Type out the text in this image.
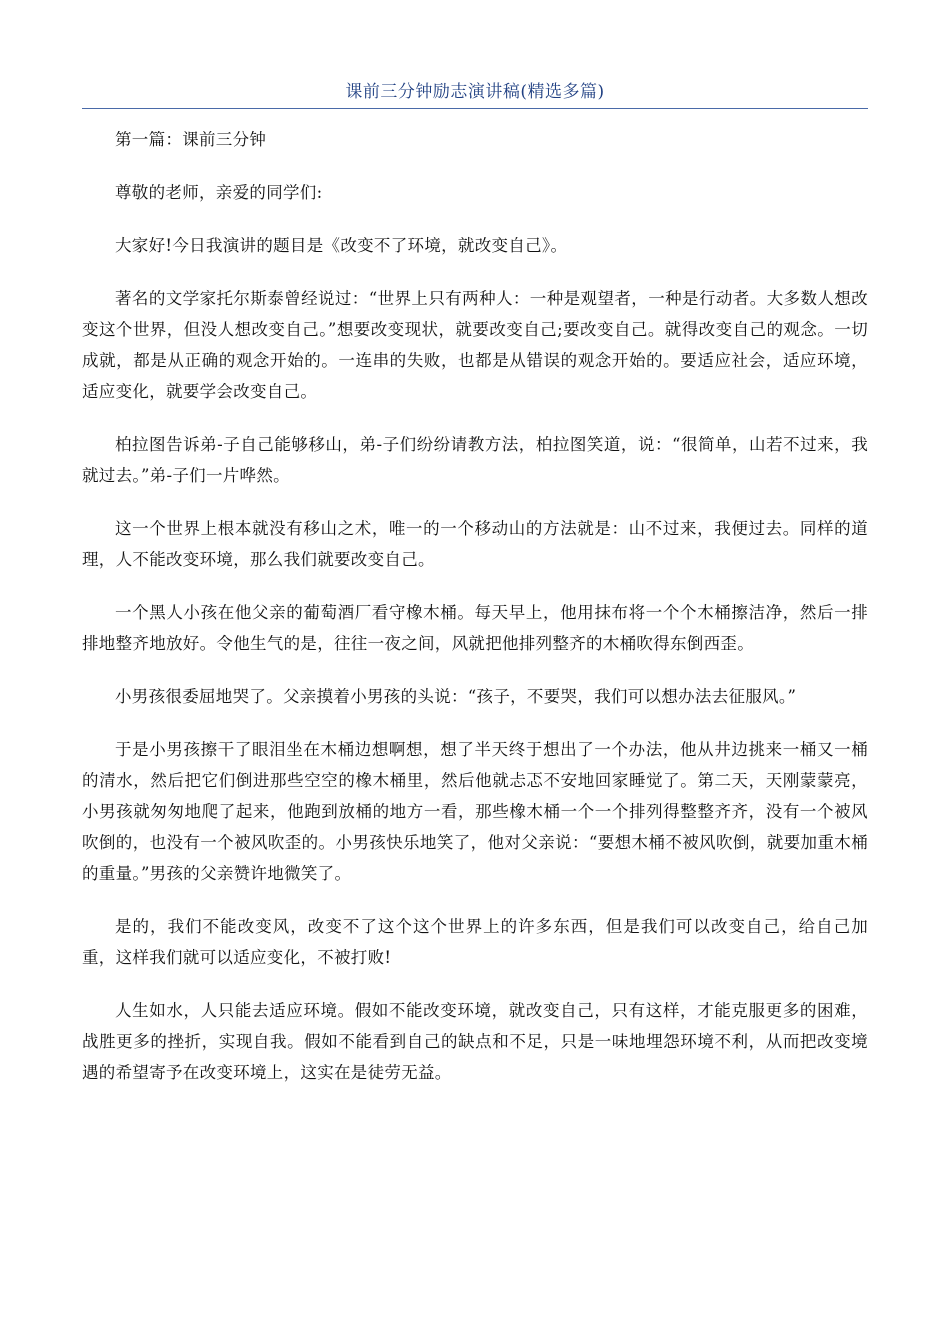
课前三分钟励志演讲稿(精选多篇)

第一篇：课前三分钟

尊敬的老师，亲爱的同学们:

大家好!今日我演讲的题目是《改变不了环境，就改变自己》。

著名的文学家托尔斯泰曾经说过：“世界上只有两种人：一种是观望者，一种是行动者。大多数人想改变这个世界，但没人想改变自己。”想要改变现状，就要改变自己;要改变自己。就得改变自己的观念。一切成就，都是从正确的观念开始的。一连串的失败，也都是从错误的观念开始的。要适应社会，适应环境，适应变化，就要学会改变自己。

柏拉图告诉弟-子自己能够移山，弟-子们纷纷请教方法，柏拉图笑道，说：“很简单，山若不过来，我就过去。”弟-子们一片哗然。

这一个世界上根本就没有移山之术，唯一的一个移动山的方法就是：山不过来，我便过去。同样的道理，人不能改变环境，那么我们就要改变自己。

一个黑人小孩在他父亲的葡萄酒厂看守橡木桶。每天早上，他用抹布将一个个木桶擦洁净，然后一排排地整齐地放好。令他生气的是，往往一夜之间，风就把他排列整齐的木桶吹得东倒西歪。

小男孩很委屈地哭了。父亲摸着小男孩的头说：“孩子，不要哭，我们可以想办法去征服风。”

于是小男孩擦干了眼泪坐在木桶边想啊想，想了半天终于想出了一个办法，他从井边挑来一桶又一桶的清水，然后把它们倒进那些空空的橡木桶里，然后他就忐忑不安地回家睡觉了。第二天，天刚蒙蒙亮，小男孩就匆匆地爬了起来，他跑到放桶的地方一看，那些橡木桶一个一个排列得整整齐齐，没有一个被风吹倒的，也没有一个被风吹歪的。小男孩快乐地笑了，他对父亲说：“要想木桶不被风吹倒，就要加重木桶的重量。”男孩的父亲赞许地微笑了。

是的，我们不能改变风，改变不了这个这个世界上的许多东西，但是我们可以改变自己，给自己加重，这样我们就可以适应变化，不被打败!

人生如水，人只能去适应环境。假如不能改变环境，就改变自己，只有这样，才能克服更多的困难，战胜更多的挫折，实现自我。假如不能看到自己的缺点和不足，只是一味地埋怨环境不利，从而把改变境遇的希望寄予在改变环境上，这实在是徒劳无益。
